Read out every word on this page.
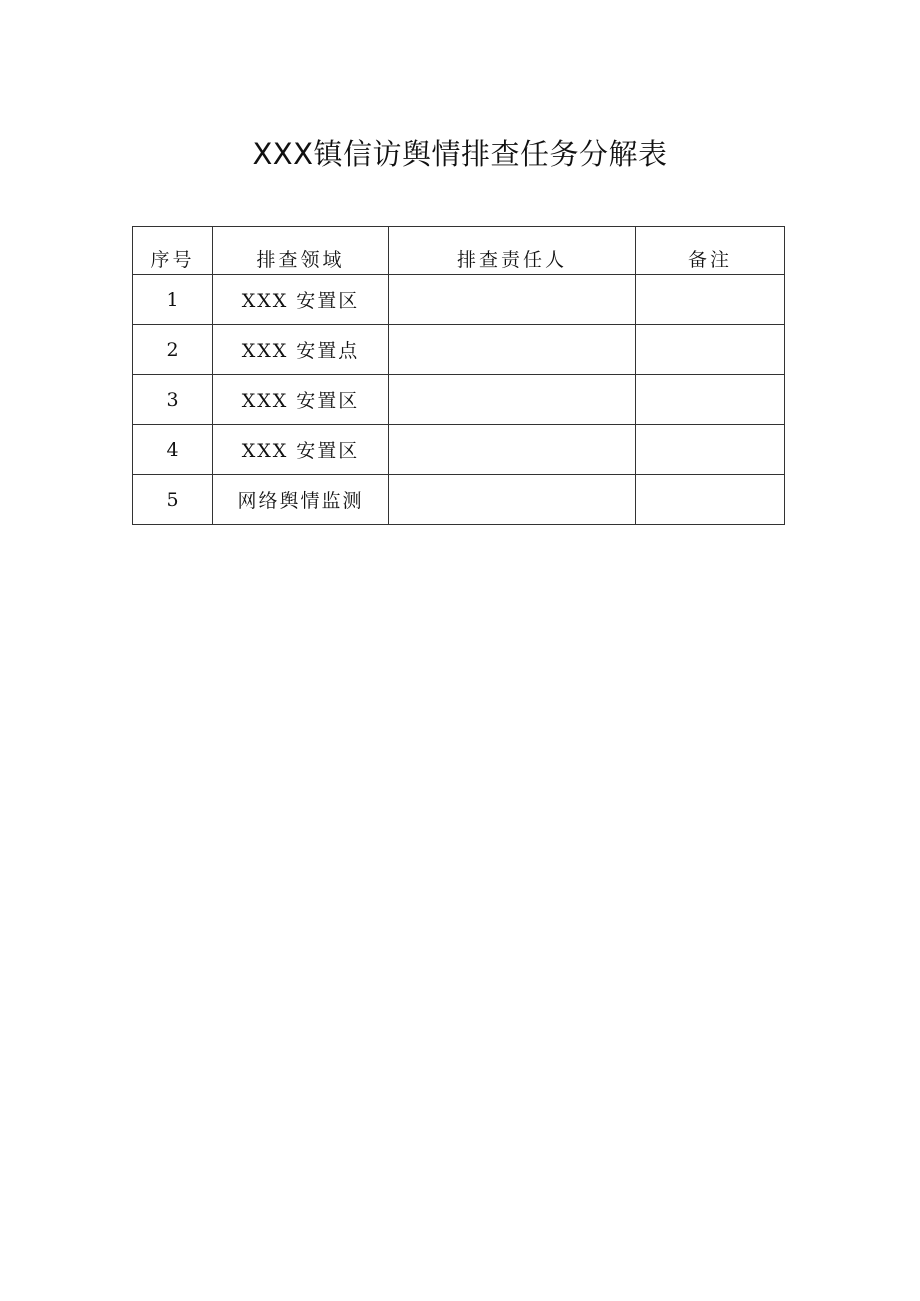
XXX镇信访舆情排查任务分解表
序号	排查领域	排查责任人	备注
1	XXX 安置区		
2	XXX 安置点		
3	XXX 安置区		
4	XXX 安置区		
5	网络舆情监测		
